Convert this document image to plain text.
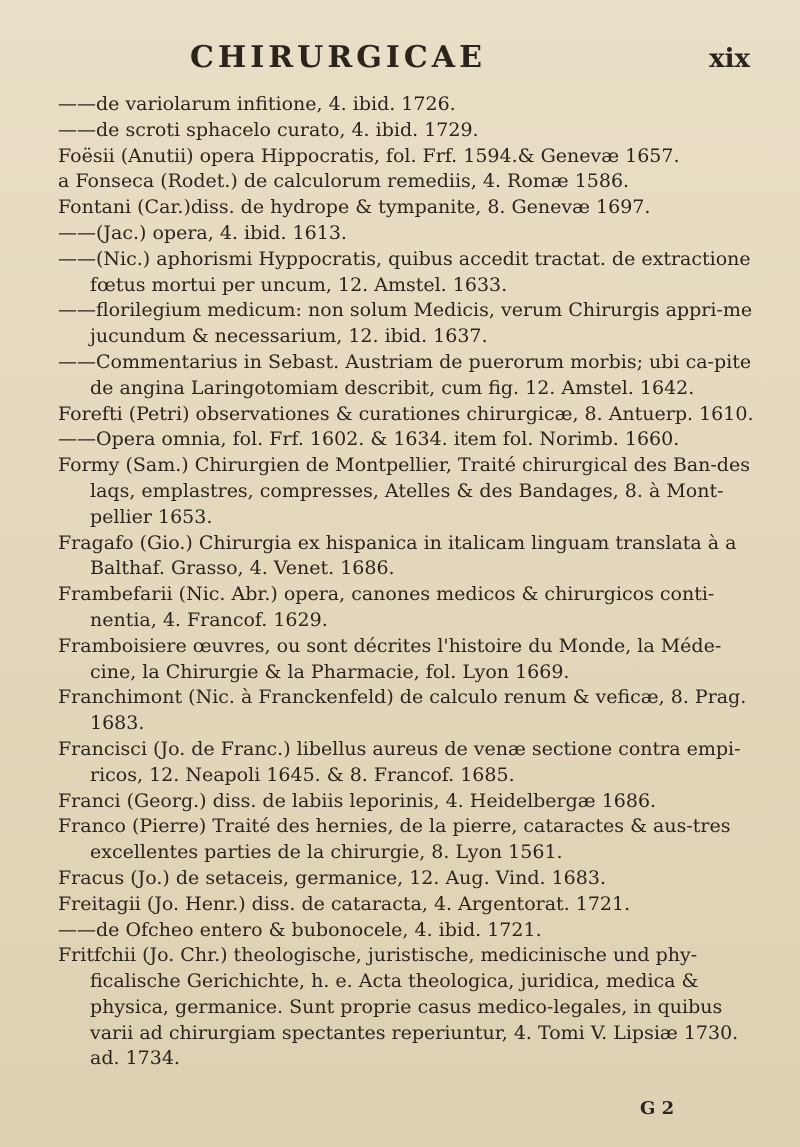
CHIRURGICAE	xix

——de variolarum infitione, 4. ibid. 1726.

——de scroti sphacelo curato, 4. ibid. 1729.

Foësii (Anutii) opera Hippocratis, fol. Frf. 1594.& Genevæ 1657.

a Fonseca (Rodet.) de calculorum remediis, 4. Romæ 1586.

Fontani (Car.)diss. de hydrope & tympanite, 8. Genevæ 1697.

——(Jac.) opera, 4. ibid. 1613.

——(Nic.) aphorismi Hyppocratis, quibus accedit tractat. de extractione fœtus mortui per uncum, 12. Amstel. 1633.

——florilegium medicum: non solum Medicis, verum Chirurgis appri-me jucundum & necessarium, 12. ibid. 1637.

——Commentarius in Sebast. Austriam de puerorum morbis; ubi ca-pite de angina Laringotomiam describit, cum fig. 12. Amstel. 1642.

Forefti (Petri) observationes & curationes chirurgicæ, 8. Antuerp. 1610.

——Opera omnia, fol. Frf. 1602. & 1634. item fol. Norimb. 1660.

Formy (Sam.) Chirurgien de Montpellier, Traité chirurgical des Ban-des laqs, emplastres, compresses, Atelles & des Bandages, 8. à Mont-pellier 1653.

Fragafo (Gio.) Chirurgia ex hispanica in italicam linguam translata à a Balthaf. Grasso, 4. Venet. 1686.

Frambefarii (Nic. Abr.) opera, canones medicos & chirurgicos conti-nentia, 4. Francof. 1629.

Framboisiere œuvres, ou sont décrites l'histoire du Monde, la Méde-cine, la Chirurgie & la Pharmacie, fol. Lyon 1669.

Franchimont (Nic. à Franckenfeld) de calculo renum & veficæ, 8. Prag. 1683.

Francisci (Jo. de Franc.) libellus aureus de venæ sectione contra empi-ricos, 12. Neapoli 1645. & 8. Francof. 1685.

Franci (Georg.) diss. de labiis leporinis, 4. Heidelbergæ 1686.

Franco (Pierre) Traité des hernies, de la pierre, cataractes & aus-tres excellentes parties de la chirurgie, 8. Lyon 1561.

Fracus (Jo.) de setaceis, germanice, 12. Aug. Vind. 1683.

Freitagii (Jo. Henr.) diss. de cataracta, 4. Argentorat. 1721.

——de Ofcheo entero & bubonocele, 4. ibid. 1721.

Fritfchii (Jo. Chr.) theologische, juristische, medicinische und phy-ficalische Gerichichte, h. e. Acta theologica, juridica, medica & physica, germanice. Sunt proprie casus medico-legales, in quibus varii ad chirurgiam spectantes reperiuntur, 4. Tomi V. Lipsiæ 1730. ad. 1734.

G 2
